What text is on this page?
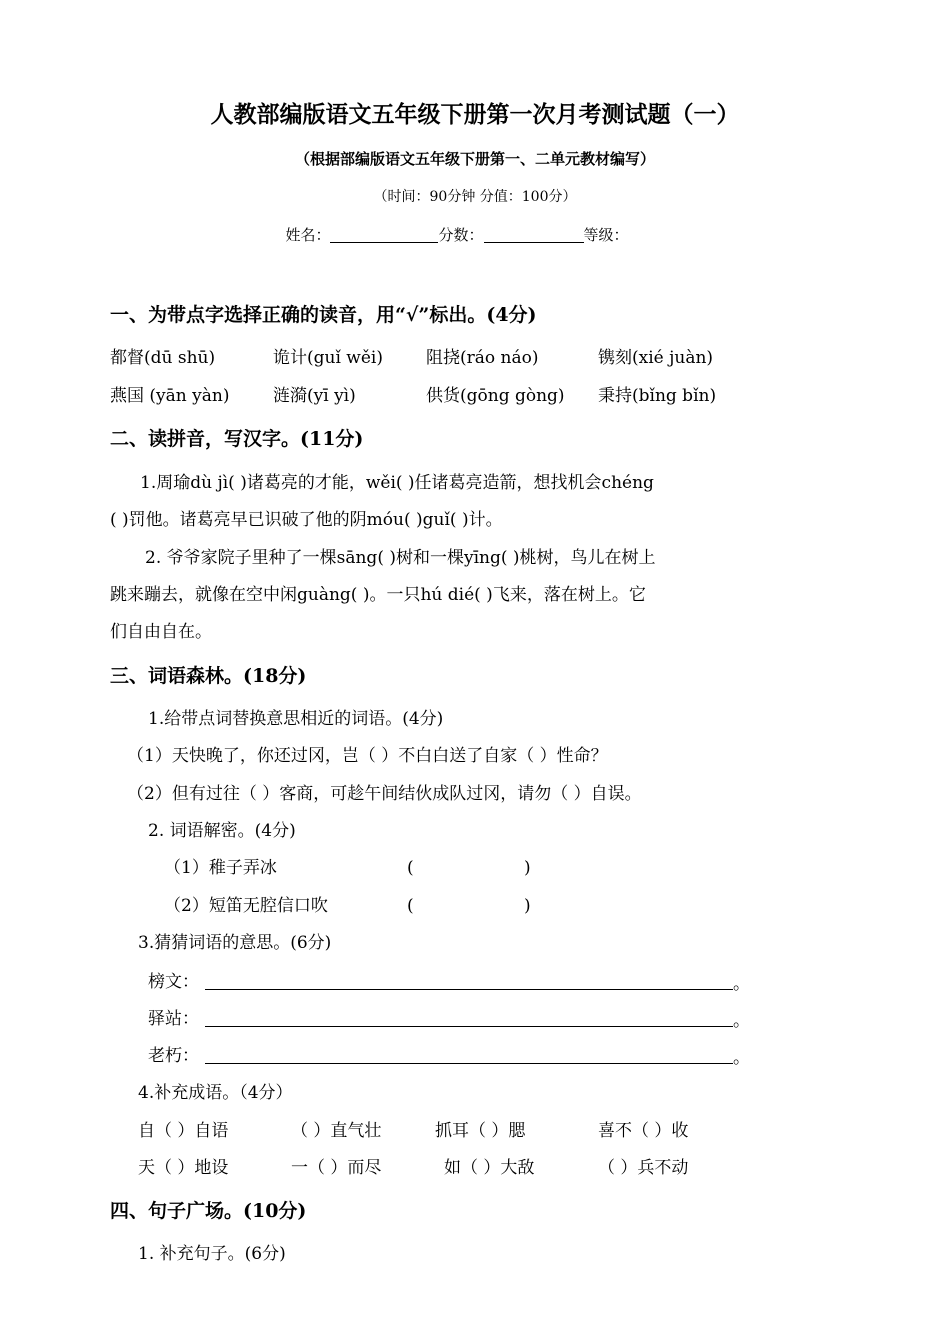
人教部编版语文五年级下册第一次月考测试题（一）
（根据部编版语文五年级下册第一、二单元教材编写）
（时间：90分钟 分值：100分）
姓名：	分数：	等级：
一、为带点字选择正确的读音，用“√”标出。(4分)
都督(dū shū)	诡计(guǐ wěi)	阻挠(ráo náo)	镌刻(xié juàn)
燕国 (yān yàn)	涟漪(yī yì)	供货(gōng gòng) 秉持(bǐng bǐn)
二、读拼音，写汉字。(11分)
1.周瑜dù jì( )诸葛亮的才能，wěi( )任诸葛亮造箭，想找机会chéng
( )罚他。诸葛亮早已识破了他的阴móu( )guǐ( )计。
2. 爷爷家院子里种了一棵sāng( )树和一棵yīng( )桃树，鸟儿在树上
跳来蹦去，就像在空中闲guàng( )。一只hú dié( )飞来，落在树上。它
们自由自在。
三、词语森林。(18分)
1.给带点词替换意思相近的词语。(4分)
（1）天快晚了，你还过冈，岂（ ）不白白送了自家（ ）性命？
（2）但有过往（ ）客商，可趁午间结伙成队过冈，请勿（ ）自误。
2. 词语解密。(4分)
（1）稚子弄冰	(	)
（2）短笛无腔信口吹	(	)
3.猜猜词语的意思。(6分)
榜文：	。
驿站：	。
老朽：	。
4.补充成语。（4分）
自（ ）自语	（ ）直气壮	抓耳（ ）腮	喜不（ ）收
天（ ）地设	一（ ）而尽	如（ ）大敌	（ ）兵不动
四、句子广场。(10分)
1. 补充句子。(6分)
